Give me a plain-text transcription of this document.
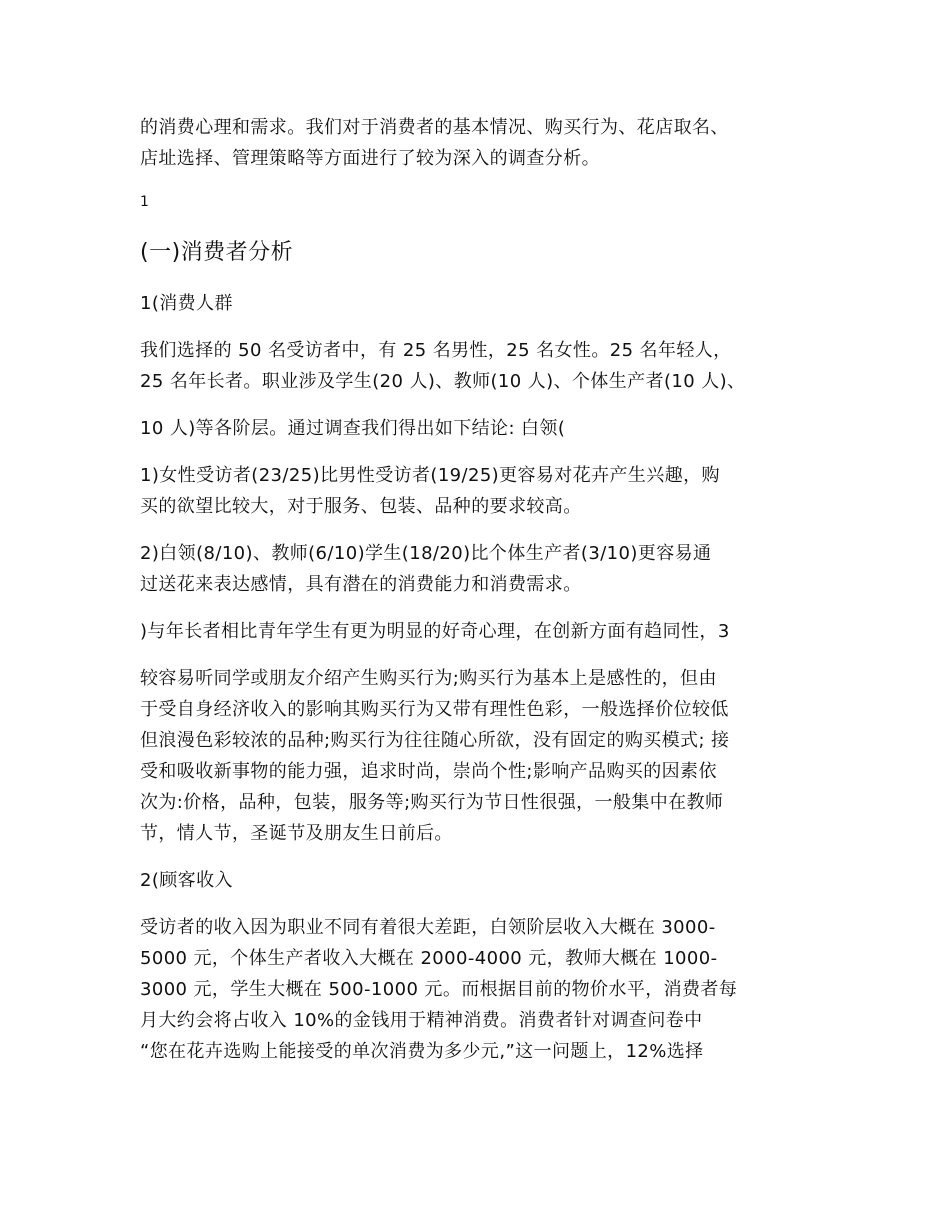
的消费心理和需求。我们对于消费者的基本情况、购买行为、花店取名、
店址选择、管理策略等方面进行了较为深入的调查分析。
1
(一)消费者分析
1(消费人群
我们选择的 50 名受访者中，有 25 名男性，25 名女性。25 名年轻人，
25 名年长者。职业涉及学生(20 人)、教师(10 人)、个体生产者(10 人)、
10 人)等各阶层。通过调查我们得出如下结论: 白领(
1)女性受访者(23/25)比男性受访者(19/25)更容易对花卉产生兴趣，购
买的欲望比较大，对于服务、包装、品种的要求较高。
2)白领(8/10)、教师(6/10)学生(18/20)比个体生产者(3/10)更容易通
过送花来表达感情，具有潜在的消费能力和消费需求。
)与年长者相比青年学生有更为明显的好奇心理，在创新方面有趋同性，3
较容易听同学或朋友介绍产生购买行为;购买行为基本上是感性的，但由
于受自身经济收入的影响其购买行为又带有理性色彩，一般选择价位较低
但浪漫色彩较浓的品种;购买行为往往随心所欲，没有固定的购买模式; 接
受和吸收新事物的能力强，追求时尚，崇尚个性;影响产品购买的因素依
次为:价格，品种，包装，服务等;购买行为节日性很强，一般集中在教师
节，情人节，圣诞节及朋友生日前后。
2(顾客收入
受访者的收入因为职业不同有着很大差距，白领阶层收入大概在 3000-
5000 元，个体生产者收入大概在 2000-4000 元，教师大概在 1000-
3000 元，学生大概在 500-1000 元。而根据目前的物价水平，消费者每
月大约会将占收入 10%的金钱用于精神消费。消费者针对调查问卷中
“您在花卉选购上能接受的单次消费为多少元,”这一问题上，12%选择
